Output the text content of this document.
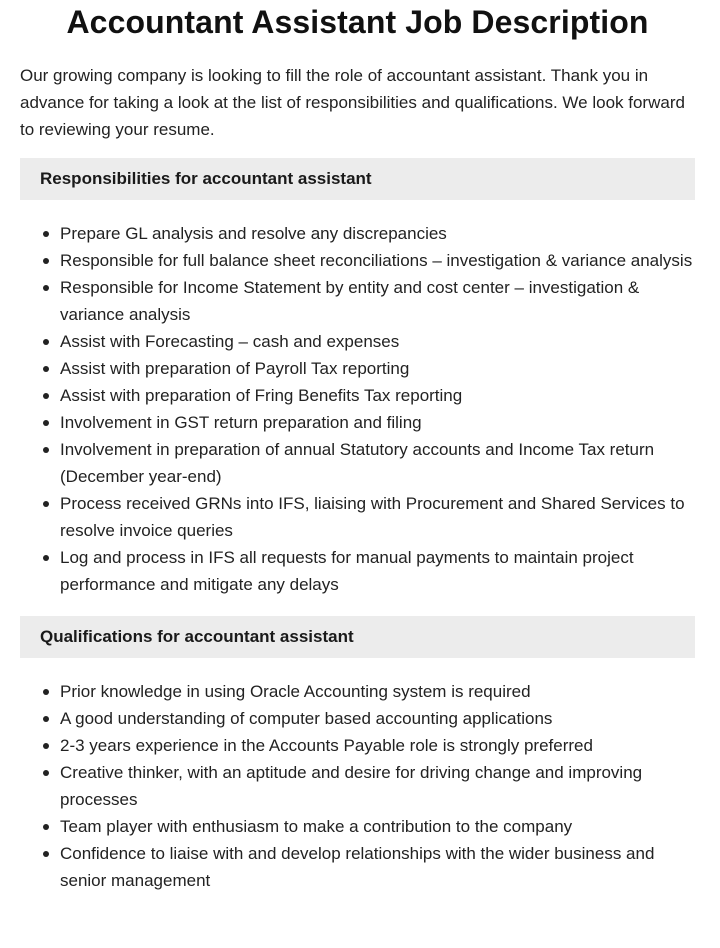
Accountant Assistant Job Description

Our growing company is looking to fill the role of accountant assistant. Thank you in advance for taking a look at the list of responsibilities and qualifications. We look forward to reviewing your resume.

Responsibilities for accountant assistant
Prepare GL analysis and resolve any discrepancies
Responsible for full balance sheet reconciliations – investigation & variance analysis
Responsible for Income Statement by entity and cost center – investigation & variance analysis
Assist with Forecasting – cash and expenses
Assist with preparation of Payroll Tax reporting
Assist with preparation of Fring Benefits Tax reporting
Involvement in GST return preparation and filing
Involvement in preparation of annual Statutory accounts and Income Tax return (December year-end)
Process received GRNs into IFS, liaising with Procurement and Shared Services to resolve invoice queries
Log and process in IFS all requests for manual payments to maintain project performance and mitigate any delays
Qualifications for accountant assistant
Prior knowledge in using Oracle Accounting system is required
A good understanding of computer based accounting applications
2-3 years experience in the Accounts Payable role is strongly preferred
Creative thinker, with an aptitude and desire for driving change and improving processes
Team player with enthusiasm to make a contribution to the company
Confidence to liaise with and develop relationships with the wider business and senior management
